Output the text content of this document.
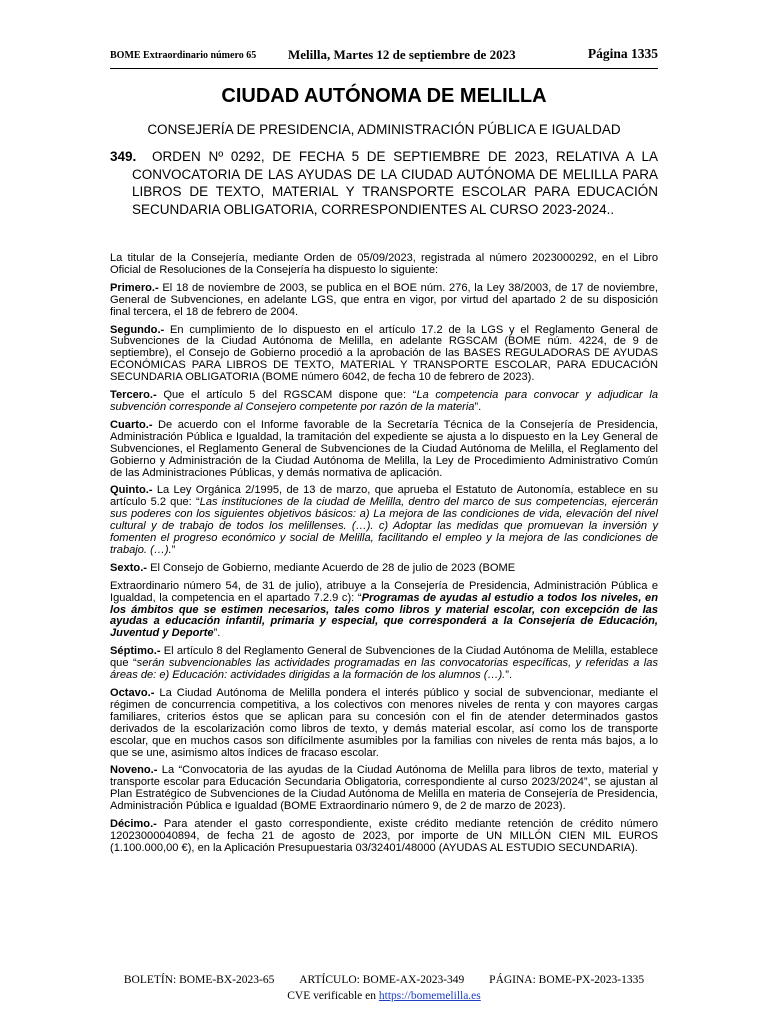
BOME Extraordinario número 65 Melilla, Martes 12 de septiembre de 2023	Página 1335
CIUDAD AUTÓNOMA DE MELILLA
CONSEJERÍA DE PRESIDENCIA, ADMINISTRACIÓN PÚBLICA E IGUALDAD
349.	ORDEN Nº 0292, DE FECHA 5 DE SEPTIEMBRE DE 2023, RELATIVA A LA CONVOCATORIA DE LAS AYUDAS DE LA CIUDAD AUTÓNOMA DE MELILLA PARA LIBROS DE TEXTO, MATERIAL Y TRANSPORTE ESCOLAR PARA EDUCACIÓN SECUNDARIA OBLIGATORIA, CORRESPONDIENTES AL CURSO 2023-2024..

La titular de la Consejería, mediante Orden de 05/09/2023, registrada al número 2023000292, en el Libro Oficial de Resoluciones de la Consejería ha dispuesto lo siguiente:

Primero.- El 18 de noviembre de 2003, se publica en el BOE núm. 276, la Ley 38/2003, de 17 de noviembre, General de Subvenciones, en adelante LGS, que entra en vigor, por virtud del apartado 2 de su disposición final tercera, el 18 de febrero de 2004.

Segundo.- En cumplimiento de lo dispuesto en el artículo 17.2 de la LGS y el Reglamento General de Subvenciones de la Ciudad Autónoma de Melilla, en adelante RGSCAM (BOME núm. 4224, de 9 de septiembre), el Consejo de Gobierno procedió a la aprobación de las BASES REGULADORAS DE AYUDAS ECONÓMICAS PARA LIBROS DE TEXTO, MATERIAL Y TRANSPORTE ESCOLAR, PARA EDUCACIÓN SECUNDARIA OBLIGATORIA (BOME número 6042, de fecha 10 de febrero de 2023).

Tercero.- Que el artículo 5 del RGSCAM dispone que: “La competencia para convocar y adjudicar la subvención corresponde al Consejero competente por razón de la materia”.

Cuarto.- De acuerdo con el Informe favorable de la Secretaría Técnica de la Consejería de Presidencia, Administración Pública e Igualdad, la tramitación del expediente se ajusta a lo dispuesto en la Ley General de Subvenciones, el Reglamento General de Subvenciones de la Ciudad Autónoma de Melilla, el Reglamento del Gobierno y Administración de la Ciudad Autónoma de Melilla, la Ley de Procedimiento Administrativo Común de las Administraciones Públicas, y demás normativa de aplicación.

Quinto.- La Ley Orgánica 2/1995, de 13 de marzo, que aprueba el Estatuto de Autonomía, establece en su artículo 5.2 que: “Las instituciones de la ciudad de Melilla, dentro del marco de sus competencias, ejercerán sus poderes con los siguientes objetivos básicos: a) La mejora de las condiciones de vida, elevación del nivel cultural y de trabajo de todos los melillenses. (…). c) Adoptar las medidas que promuevan la inversión y fomenten el progreso económico y social de Melilla, facilitando el empleo y la mejora de las condiciones de trabajo. (…).”

Sexto.- El Consejo de Gobierno, mediante Acuerdo de 28 de julio de 2023 (BOME

Extraordinario número 54, de 31 de julio), atribuye a la Consejería de Presidencia, Administración Pública e Igualdad, la competencia en el apartado 7.2.9 c): “Programas de ayudas al estudio a todos los niveles, en los ámbitos que se estimen necesarios, tales como libros y material escolar, con excepción de las ayudas a educación infantil, primaria y especial, que corresponderá a la Consejería de Educación, Juventud y Deporte”.

Séptimo.- El artículo 8 del Reglamento General de Subvenciones de la Ciudad Autónoma de Melilla, establece que “serán subvencionables las actividades programadas en las convocatorias específicas, y referidas a las áreas de: e) Educación: actividades dirigidas a la formación de los alumnos (…).”.

Octavo.- La Ciudad Autónoma de Melilla pondera el interés público y social de subvencionar, mediante el régimen de concurrencia competitiva, a los colectivos con menores niveles de renta y con mayores cargas familiares, criterios éstos que se aplican para su concesión con el fin de atender determinados gastos derivados de la escolarización como libros de texto, y demás material escolar, así como los de transporte escolar, que en muchos casos son difícilmente asumibles por la familias con niveles de renta más bajos, a lo que se une, asimismo altos índices de fracaso escolar.

Noveno.- La “Convocatoria de las ayudas de la Ciudad Autónoma de Melilla para libros de texto, material y transporte escolar para Educación Secundaria Obligatoria, correspondiente al curso 2023/2024”, se ajustan al Plan Estratégico de Subvenciones de la Ciudad Autónoma de Melilla en materia de Consejería de Presidencia, Administración Pública e Igualdad (BOME Extraordinario número 9, de 2 de marzo de 2023).

Décimo.- Para atender el gasto correspondiente, existe crédito mediante retención de crédito número 12023000040894, de fecha 21 de agosto de 2023, por importe de UN MILLÓN CIEN MIL EUROS (1.100.000,00 €), en la Aplicación Presupuestaria 03/32401/48000 (AYUDAS AL ESTUDIO SECUNDARIA).

BOLETÍN: BOME-BX-2023-65 ARTÍCULO: BOME-AX-2023-349 PÁGINA: BOME-PX-2023-1335
CVE verificable en https://bomemelilla.es
